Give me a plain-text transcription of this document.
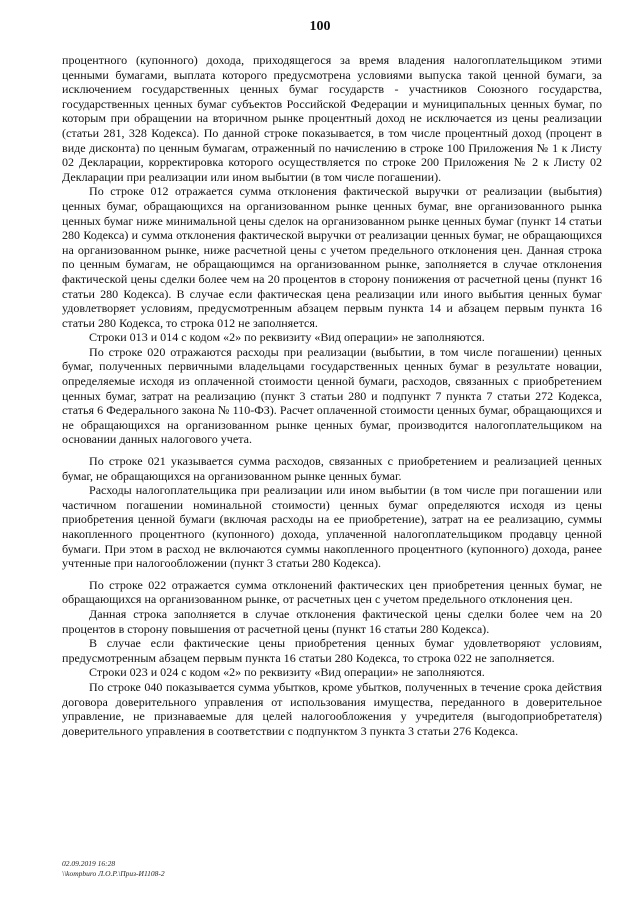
100

процентного (купонного) дохода, приходящегося за время владения налогоплательщиком этими ценными бумагами, выплата которого предусмотрена условиями выпуска такой ценной бумаги, за исключением государственных ценных бумаг государств - участников Союзного государства, государственных ценных бумаг субъектов Российской Федерации и муниципальных ценных бумаг, по которым при обращении на вторичном рынке процентный доход не исключается из цены реализации (статьи 281, 328 Кодекса). По данной строке показывается, в том числе процентный доход (процент в виде дисконта) по ценным бумагам, отраженный по начислению в строке 100 Приложения № 1 к Листу 02 Декларации, корректировка которого осуществляется по строке 200 Приложения № 2 к Листу 02 Декларации при реализации или ином выбытии (в том числе погашении).

По строке 012 отражается сумма отклонения фактической выручки от реализации (выбытия) ценных бумаг, обращающихся на организованном рынке ценных бумаг, вне организованного рынка ценных бумаг ниже минимальной цены сделок на организованном рынке ценных бумаг (пункт 14 статьи 280 Кодекса) и сумма отклонения фактической выручки от реализации ценных бумаг, не обращающихся на организованном рынке, ниже расчетной цены с учетом предельного отклонения цен. Данная строка по ценным бумагам, не обращающимся на организованном рынке, заполняется в случае отклонения фактической цены сделки более чем на 20 процентов в сторону понижения от расчетной цены (пункт 16 статьи 280 Кодекса). В случае если фактическая цена реализации или иного выбытия ценных бумаг удовлетворяет условиям, предусмотренным абзацем первым пункта 14 и абзацем первым пункта 16 статьи 280 Кодекса, то строка 012 не заполняется.

Строки 013 и 014 с кодом «2» по реквизиту «Вид операции» не заполняются.

По строке 020 отражаются расходы при реализации (выбытии, в том числе погашении) ценных бумаг, полученных первичными владельцами государственных ценных бумаг в результате новации, определяемые исходя из оплаченной стоимости ценной бумаги, расходов, связанных с приобретением ценных бумаг, затрат на реализацию (пункт 3 статьи 280 и подпункт 7 пункта 7 статьи 272 Кодекса, статья 6 Федерального закона № 110-ФЗ). Расчет оплаченной стоимости ценных бумаг, обращающихся и не обращающихся на организованном рынке ценных бумаг, производится налогоплательщиком на основании данных налогового учета.

По строке 021 указывается сумма расходов, связанных с приобретением и реализацией ценных бумаг, не обращающихся на организованном рынке ценных бумаг.

Расходы налогоплательщика при реализации или ином выбытии (в том числе при погашении или частичном погашении номинальной стоимости) ценных бумаг определяются исходя из цены приобретения ценной бумаги (включая расходы на ее приобретение), затрат на ее реализацию, суммы накопленного процентного (купонного) дохода, уплаченной налогоплательщиком продавцу ценной бумаги. При этом в расход не включаются суммы накопленного процентного (купонного) дохода, ранее учтенные при налогообложении (пункт 3 статьи 280 Кодекса).

По строке 022 отражается сумма отклонений фактических цен приобретения ценных бумаг, не обращающихся на организованном рынке, от расчетных цен с учетом предельного отклонения цен.

Данная строка заполняется в случае отклонения фактической цены сделки более чем на 20 процентов в сторону повышения от расчетной цены (пункт 16 статьи 280 Кодекса).

В случае если фактические цены приобретения ценных бумаг удовлетворяют условиям, предусмотренным абзацем первым пункта 16 статьи 280 Кодекса, то строка 022 не заполняется.

Строки 023 и 024 с кодом «2» по реквизиту «Вид операции» не заполняются.

По строке 040 показывается сумма убытков, кроме убытков, полученных в течение срока действия договора доверительного управления от использования имущества, переданного в доверительное управление, не признаваемые для целей налогообложения у учредителя (выгодоприобретателя) доверительного управления в соответствии с подпунктом 3 пункта 3 статьи 276 Кодекса.

02.09.2019 16:28
\\kompburo Л.О.Р.\Приз-И1108-2
